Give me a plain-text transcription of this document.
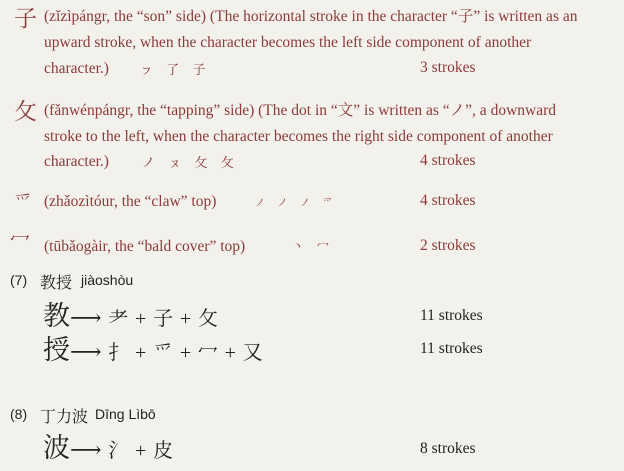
子 (zǐzìpángr, the “son” side) (The horizontal stroke in the character “子” is written as an
upward stroke, when the character becomes the left side component of another
character.) ㇷ 了 子	3 strokes
攵 (fǎnwénpángr, the “tapping” side) (The dot in “文” is written as “ノ”, a downward
stroke to the left, when the character becomes the right side component of another
character.)	ノ ㇴ 攵 攵	4 strokes
爫 (zhǎozìtóur, the “claw” top)	ノ ノ ノ 爫	4 strokes
冖 (tūbǎogàir, the “bald cover” top)	丶 冖	2 strokes
(7) 教授 jiàoshòu
教⟶ 耂 + 子 + 攵	11 strokes
授⟶ 扌 + 爫 + 冖 + 又	11 strokes
(8) 丁力波 Dīng Lìbō
波⟶ 氵 + 皮	8 strokes
